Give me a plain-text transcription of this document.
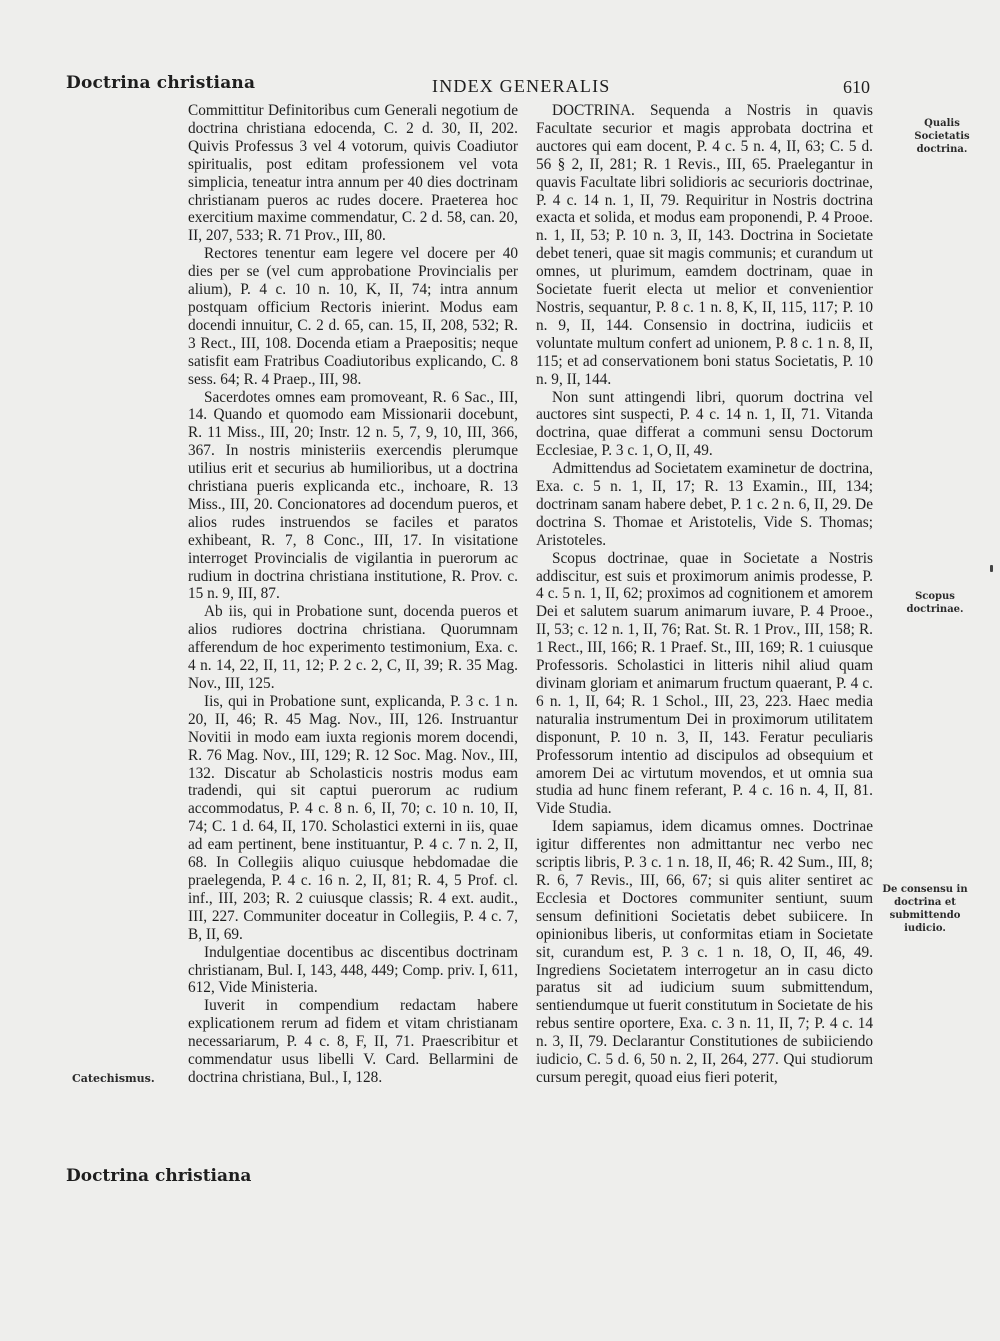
Doctrina christiana	INDEX GENERALIS	610

Committitur Definitoribus cum Generali negotium de doctrina christiana edocenda, C. 2 d. 30, II, 202. Quivis Professus 3 vel 4 votorum, quivis Coadiutor spiritualis, post editam professionem vel vota simplicia, teneatur intra annum per 40 dies doctrinam christianam pueros ac rudes docere. Praeterea hoc exercitium maxime commendatur, C. 2 d. 58, can. 20, II, 207, 533; R. 71 Prov., III, 80.

Rectores tenentur eam legere vel docere per 40 dies per se (vel cum approbatione Provincialis per alium), P. 4 c. 10 n. 10, K, II, 74; intra annum postquam officium Rectoris inierint. Modus eam docendi innuitur, C. 2 d. 65, can. 15, II, 208, 532; R. 3 Rect., III, 108. Docenda etiam a Praepositis; neque satisfit eam Fratribus Coadiutoribus explicando, C. 8 sess. 64; R. 4 Praep., III, 98.

Sacerdotes omnes eam promoveant, R. 6 Sac., III, 14. Quando et quomodo eam Missionarii docebunt, R. 11 Miss., III, 20; Instr. 12 n. 5, 7, 9, 10, III, 366, 367. In nostris ministeriis exercendis plerumque utilius erit et securius ab humilioribus, ut a doctrina christiana pueris explicanda etc., inchoare, R. 13 Miss., III, 20. Concionatores ad docendum pueros, et alios rudes instruendos se faciles et paratos exhibeant, R. 7, 8 Conc., III, 17. In visitatione interroget Provincialis de vigilantia in puerorum ac rudium in doctrina christiana institutione, R. Prov. c. 15 n. 9, III, 87.

Ab iis, qui in Probatione sunt, docenda pueros et alios rudiores doctrina christiana. Quorumnam afferendum de hoc experimento testimonium, Exa. c. 4 n. 14, 22, II, 11, 12; P. 2 c. 2, C, II, 39; R. 35 Mag. Nov., III, 125.

Iis, qui in Probatione sunt, explicanda, P. 3 c. 1 n. 20, II, 46; R. 45 Mag. Nov., III, 126. Instruantur Novitii in modo eam iuxta regionis morem docendi, R. 76 Mag. Nov., III, 129; R. 12 Soc. Mag. Nov., III, 132. Discatur ab Scholasticis nostris modus eam tradendi, qui sit captui puerorum ac rudium accommodatus, P. 4 c. 8 n. 6, II, 70; c. 10 n. 10, II, 74; C. 1 d. 64, II, 170. Scholastici externi in iis, quae ad eam pertinent, bene instituantur, P. 4 c. 7 n. 2, II, 68. In Collegiis aliquo cuiusque hebdomadae die praelegenda, P. 4 c. 16 n. 2, II, 81; R. 4, 5 Prof. cl. inf., III, 203; R. 2 cuiusque classis; R. 4 ext. audit., III, 227. Communiter doceatur in Collegiis, P. 4 c. 7, B, II, 69.

Indulgentiae docentibus ac discentibus doctrinam christianam, Bul. I, 143, 448, 449; Comp. priv. I, 611, 612, Vide Ministeria.

Iuverit in compendium redactam habere explicationem rerum ad fidem et vitam christianam necessariarum, P. 4 c. 8, F, II, 71. Praescribitur et commendatur usus libelli V. Card. Bellarmini de doctrina christiana, Bul., I, 128.

DOCTRINA. Sequenda a Nostris in quavis Facultate securior et magis approbata doctrina et auctores qui eam docent, P. 4 c. 5 n. 4, II, 63; C. 5 d. 56 § 2, II, 281; R. 1 Revis., III, 65. Praelegantur in quavis Facultate libri solidioris ac securioris doctrinae, P. 4 c. 14 n. 1, II, 79. Requiritur in Nostris doctrina exacta et solida, et modus eam proponendi, P. 4 Prooe. n. 1, II, 53; P. 10 n. 3, II, 143. Doctrina in Societate debet teneri, quae sit magis communis; et curandum ut omnes, ut plurimum, eamdem doctrinam, quae in Societate fuerit electa ut melior et convenientior Nostris, sequantur, P. 8 c. 1 n. 8, K, II, 115, 117; P. 10 n. 9, II, 144. Consensio in doctrina, iudiciis et voluntate multum confert ad unionem, P. 8 c. 1 n. 8, II, 115; et ad conservationem boni status Societatis, P. 10 n. 9, II, 144.

Non sunt attingendi libri, quorum doctrina vel auctores sint suspecti, P. 4 c. 14 n. 1, II, 71. Vitanda doctrina, quae differat a communi sensu Doctorum Ecclesiae, P. 3 c. 1, O, II, 49.

Admittendus ad Societatem examinetur de doctrina, Exa. c. 5 n. 1, II, 17; R. 13 Examin., III, 134; doctrinam sanam habere debet, P. 1 c. 2 n. 6, II, 29. De doctrina S. Thomae et Aristotelis, Vide S. Thomas; Aristoteles.

Scopus doctrinae, quae in Societate a Nostris addiscitur, est suis et proximorum animis prodesse, P. 4 c. 5 n. 1, II, 62; proximos ad cognitionem et amorem Dei et salutem suarum animarum iuvare, P. 4 Prooe., II, 53; c. 12 n. 1, II, 76; Rat. St. R. 1 Prov., III, 158; R. 1 Rect., III, 166; R. 1 Praef. St., III, 169; R. 1 cuiusque Professoris. Scholastici in litteris nihil aliud quam divinam gloriam et animarum fructum quaerant, P. 4 c. 6 n. 1, II, 64; R. 1 Schol., III, 23, 223. Haec media naturalia instrumentum Dei in proximorum utilitatem disponunt, P. 10 n. 3, II, 143. Feratur peculiaris Professorum intentio ad discipulos ad obsequium et amorem Dei ac virtutum movendos, et ut omnia sua studia ad hunc finem referant, P. 4 c. 16 n. 4, II, 81. Vide Studia.

Idem sapiamus, idem dicamus omnes. Doctrinae igitur differentes non admittantur nec verbo nec scriptis libris, P. 3 c. 1 n. 18, II, 46; R. 42 Sum., III, 8; R. 6, 7 Revis., III, 66, 67; si quis aliter sentiret ac Ecclesia et Doctores communiter sentiunt, suum sensum definitioni Societatis debet subiicere. In opinionibus liberis, ut conformitas etiam in Societate sit, curandum est, P. 3 c. 1 n. 18, O, II, 46, 49. Ingrediens Societatem interrogetur an in casu dicto paratus sit ad iudicium suum submittendum, sentiendumque ut fuerit constitutum in Societate de his rebus sentire oportere, Exa. c. 3 n. 11, II, 7; P. 4 c. 14 n. 3, II, 79. Declarantur Constitutiones de subiiciendo iudicio, C. 5 d. 6, 50 n. 2, II, 264, 277. Qui studiorum cursum peregit, quoad eius fieri poterit,

Qualis Societatis doctrina.
Scopus doctrinae.
De consensu in doctrina et submittendo iudicio.
Catechismus.
Doctrina christiana
